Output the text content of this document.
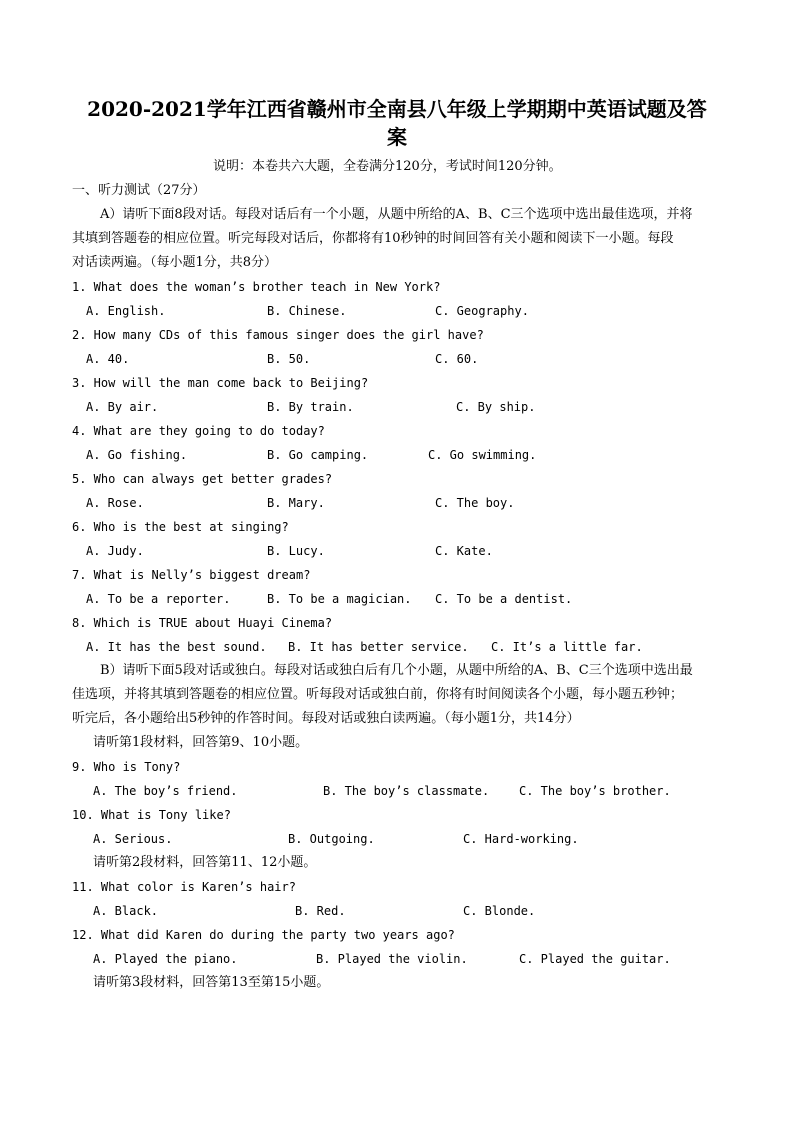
2020-2021学年江西省赣州市全南县八年级上学期期中英语试题及答
案
说明：本卷共六大题，全卷满分120分，考试时间120分钟。
一、听力测试（27分）
A）请听下面8段对话。每段对话后有一个小题，从题中所给的A、B、C三个选项中选出最佳选项，并将
其填到答题卷的相应位置。听完每段对话后，你都将有10秒钟的时间回答有关小题和阅读下一小题。每段
对话读两遍。（每小题1分，共8分）
1. What does the woman’s brother teach in New York?
A. English.	B. Chinese.	C. Geography.
2. How many CDs of this famous singer does the girl have?
A. 40.	B. 50.	C. 60.
3. How will the man come back to Beijing?
A. By air.	B. By train.	C. By ship.
4. What are they going to do today?
A. Go fishing.	B. Go camping.	C. Go swimming.
5. Who can always get better grades?
A. Rose.	B. Mary.	C. The boy.
6. Who is the best at singing?
A. Judy.	B. Lucy.	C. Kate.
7. What is Nelly’s biggest dream?
A. To be a reporter.	B. To be a magician. C. To be a dentist.
8. Which is TRUE about Huayi Cinema?
A. It has the best sound. B. It has better service. C. It’s a little far.
B）请听下面5段对话或独白。每段对话或独白后有几个小题，从题中所给的A、B、C三个选项中选出最
佳选项，并将其填到答题卷的相应位置。听每段对话或独白前，你将有时间阅读各个小题，每小题五秒钟；
听完后，各小题给出5秒钟的作答时间。每段对话或独白读两遍。（每小题1分，共14分）
请听第1段材料，回答第9、10小题。
9. Who is Tony?
A. The boy’s friend.	B. The boy’s classmate. C. The boy’s brother.
10. What is Tony like?
A. Serious.	B. Outgoing.	C. Hard-working.
请听第2段材料，回答第11、12小题。
11. What color is Karen’s hair?
A. Black.	B. Red.	C. Blonde.
12. What did Karen do during the party two years ago?
A. Played the piano.	B. Played the violin.	C. Played the guitar.
请听第3段材料，回答第13至第15小题。
